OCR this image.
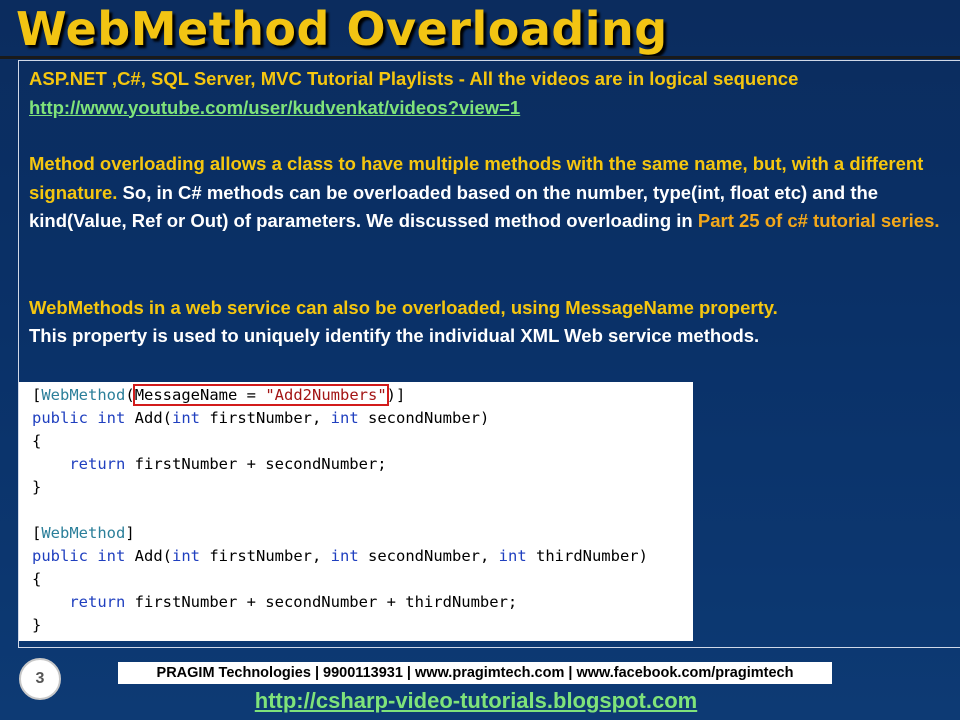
WebMethod Overloading

ASP.NET ,C#, SQL Server, MVC Tutorial Playlists - All the videos are in logical sequence

http://www.youtube.com/user/kudvenkat/videos?view=1

Method overloading allows a class to have multiple methods with the same name, but, with a different signature. So, in C# methods can be overloaded based on the number, type(int, float etc) and the kind(Value, Ref or Out) of parameters. We discussed method overloading in Part 25 of c# tutorial series.

WebMethods in a web service can also be overloaded, using MessageName property.

This property is used to uniquely identify the individual XML Web service methods.

[WebMethod(MessageName = "Add2Numbers")]
public int Add(int firstNumber, int secondNumber)
{
return firstNumber + secondNumber;
}
[WebMethod]
public int Add(int firstNumber, int secondNumber, int thirdNumber)
{
return firstNumber + secondNumber + thirdNumber;
}
3	PRAGIM Technologies | 9900113931 | www.pragimtech.com | www.facebook.com/pragimtech
http://csharp-video-tutorials.blogspot.com
